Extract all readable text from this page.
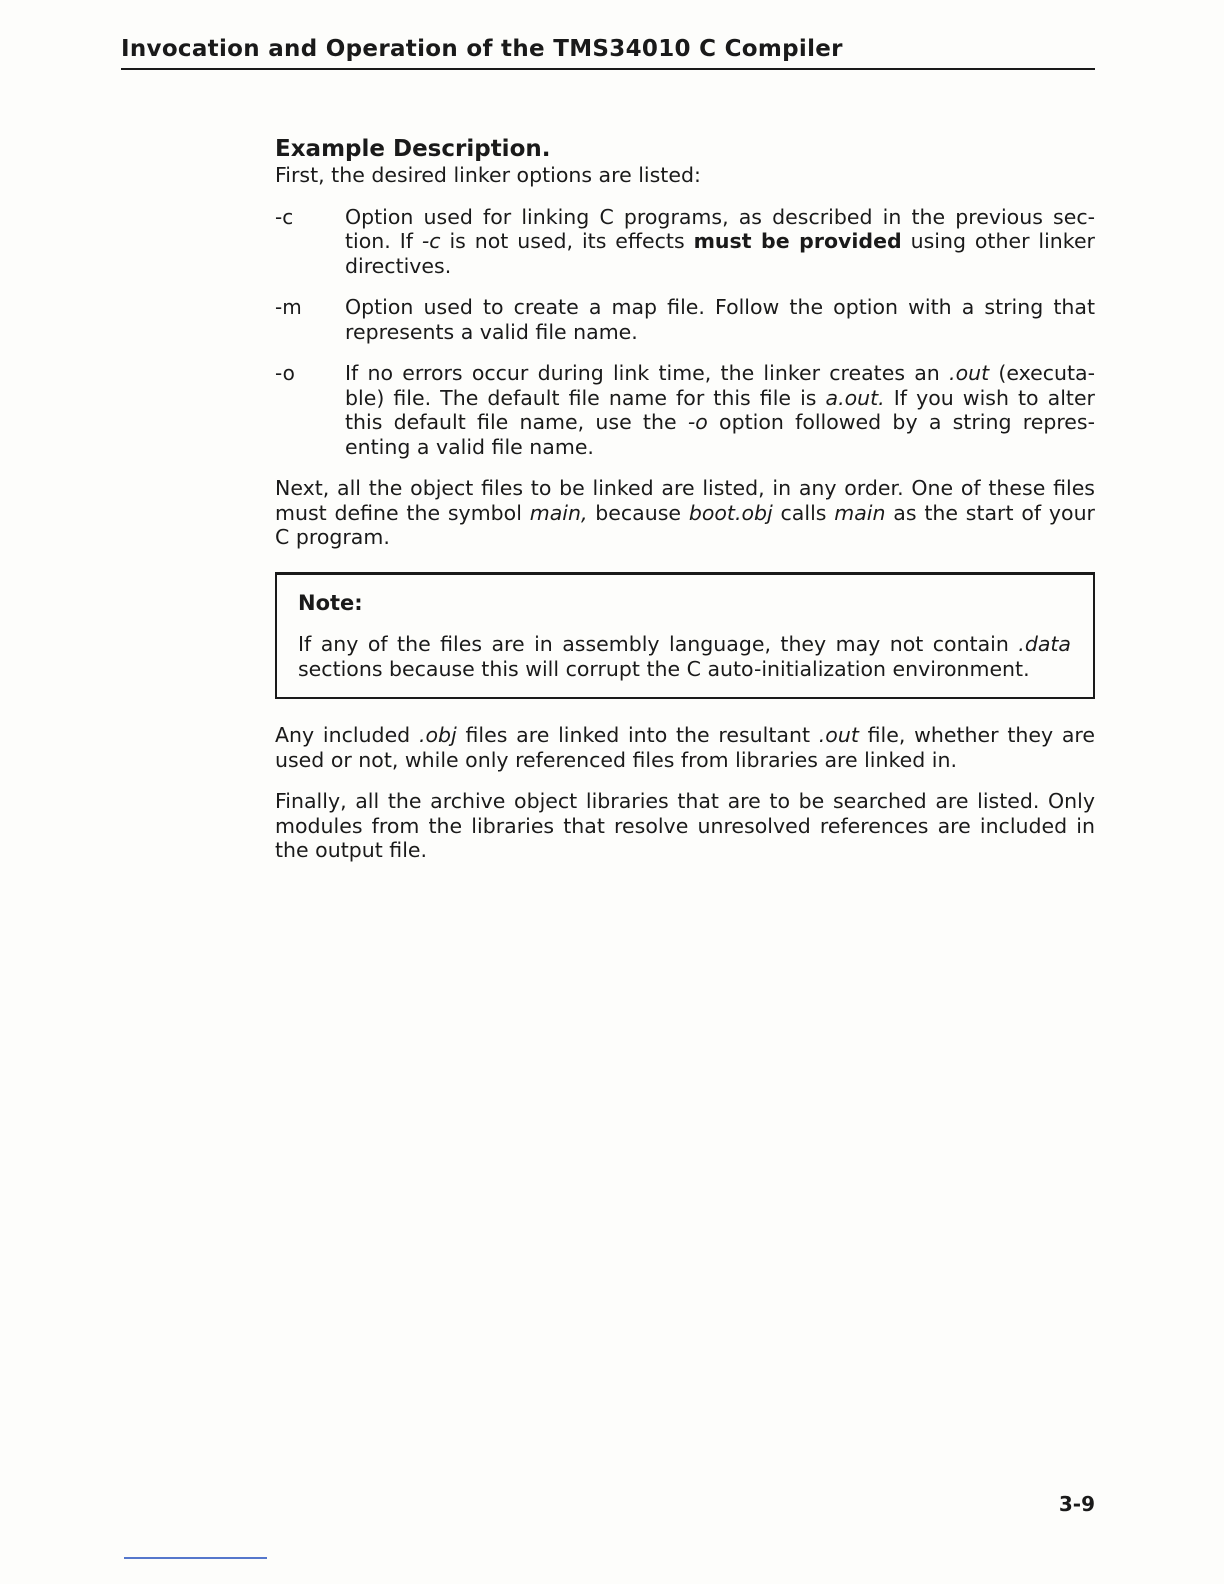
Invocation and Operation of the TMS34010 C Compiler
Example Description.

First, the desired linker options are listed:

-c	Option used for linking C programs, as described in the previous sec-tion. If -c is not used, its effects must be provided using other linker directives.
-m	Option used to create a map file. Follow the option with a string that represents a valid file name.
-o	If no errors occur during link time, the linker creates an .out (executa-ble) file. The default file name for this file is a.out. If you wish to alter this default file name, use the -o option followed by a string repres-enting a valid file name.

Next, all the object files to be linked are listed, in any order. One of these files must define the symbol main, because boot.obj calls main as the start of your C program.

Note:
If any of the files are in assembly language, they may not contain .data sections because this will corrupt the C auto-initialization environment.

Any included .obj files are linked into the resultant .out file, whether they are used or not, while only referenced files from libraries are linked in.

Finally, all the archive object libraries that are to be searched are listed. Only modules from the libraries that resolve unresolved references are included in the output file.

3-9
